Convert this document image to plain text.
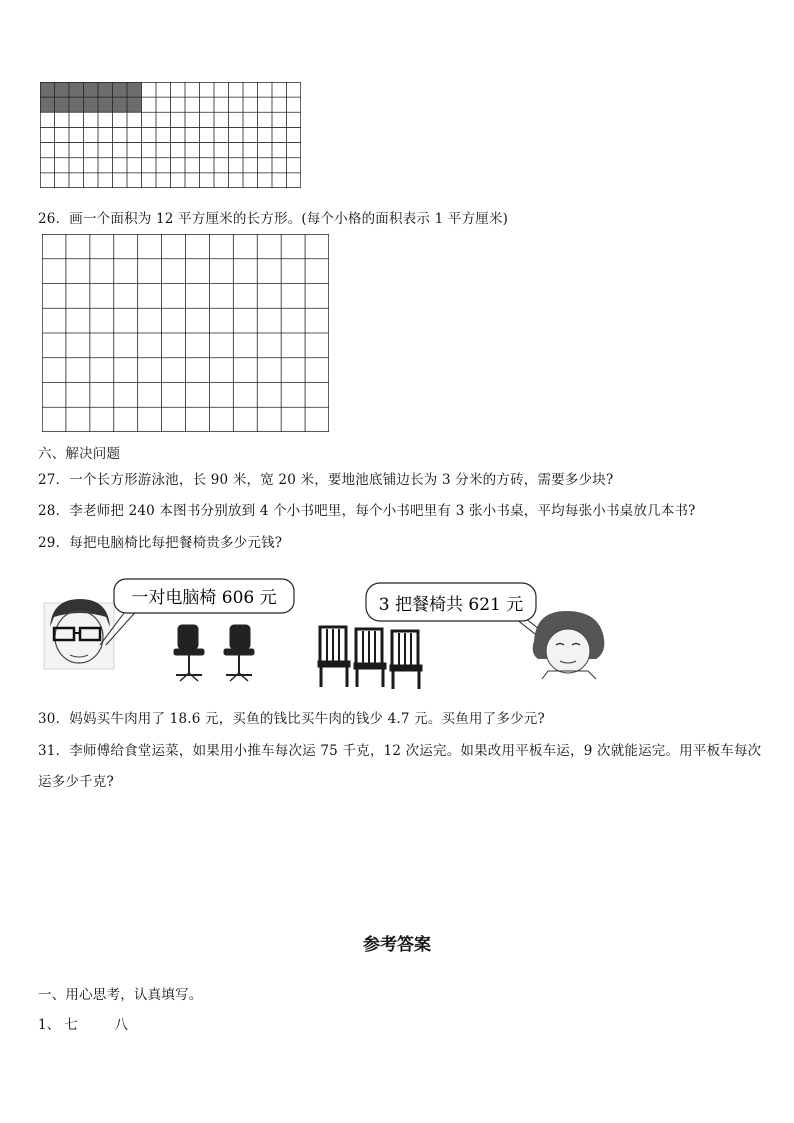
26．画一个面积为 12 平方厘米的长方形。(每个小格的面积表示 1 平方厘米)
六、解决问题
27．一个长方形游泳池，长 90 米，宽 20 米，要地池底铺边长为 3 分米的方砖，需要多少块?
28．李老师把 240 本图书分别放到 4 个小书吧里，每个小书吧里有 3 张小书桌，平均每张小书桌放几本书?
29．每把电脑椅比每把餐椅贵多少元钱?
一对电脑椅 606 元	3 把餐椅共 621 元
30．妈妈买牛肉用了 18.6 元，买鱼的钱比买牛肉的钱少 4.7 元。买鱼用了多少元?
31．李师傅给食堂运菜，如果用小推车每次运 75 千克，12 次运完。如果改用平板车运，9 次就能运完。用平板车每次
运多少千克?
参考答案
一、用心思考，认真填写。
1、 七	八
